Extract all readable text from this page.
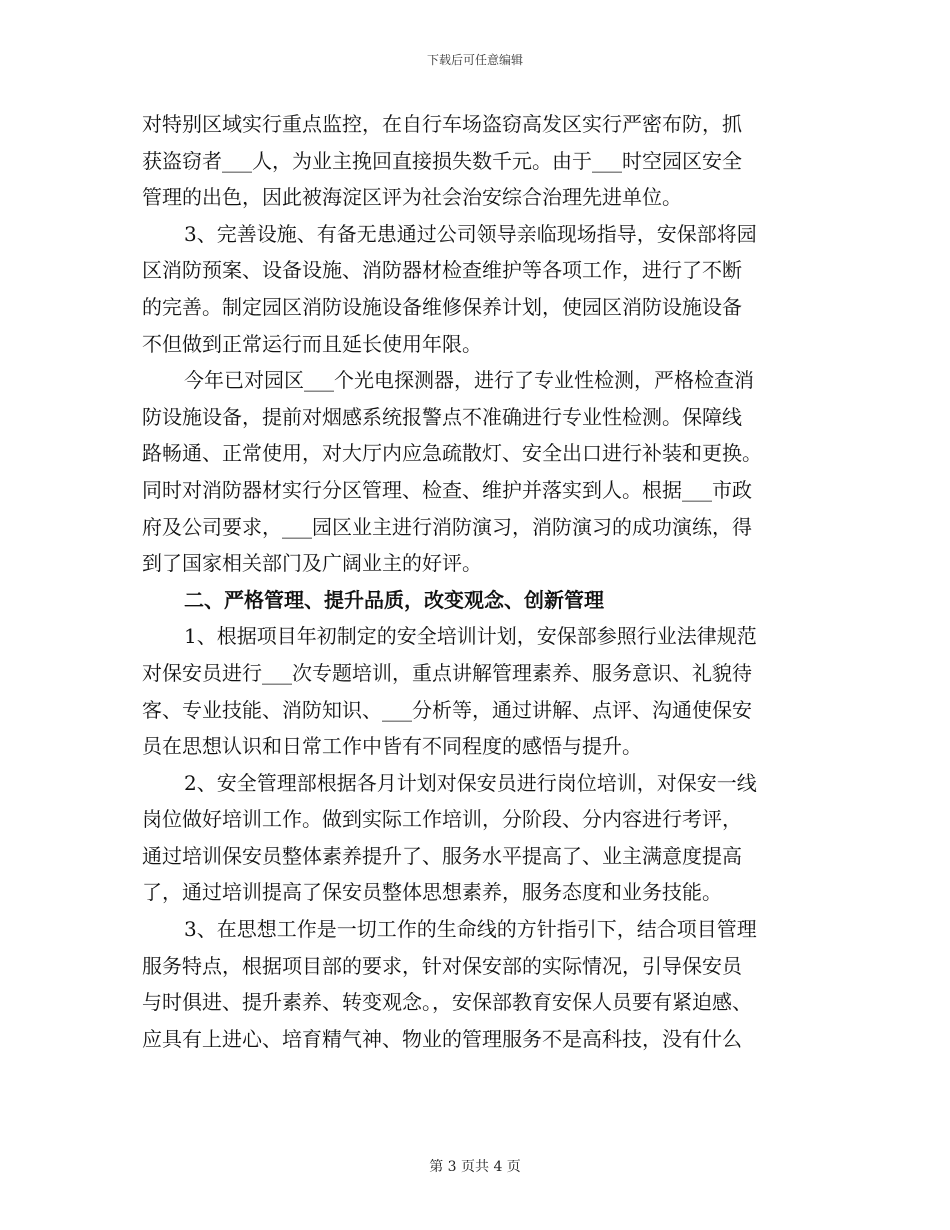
下载后可任意编辑
对特别区域实行重点监控，在自行车场盗窃高发区实行严密布防，抓
获盗窃者___人，为业主挽回直接损失数千元。由于___时空园区安全
管理的出色，因此被海淀区评为社会治安综合治理先进单位。
3、完善设施、有备无患通过公司领导亲临现场指导，安保部将园
区消防预案、设备设施、消防器材检查维护等各项工作，进行了不断
的完善。制定园区消防设施设备维修保养计划，使园区消防设施设备
不但做到正常运行而且延长使用年限。
今年已对园区___个光电探测器，进行了专业性检测，严格检查消
防设施设备，提前对烟感系统报警点不准确进行专业性检测。保障线
路畅通、正常使用，对大厅内应急疏散灯、安全出口进行补装和更换。
同时对消防器材实行分区管理、检查、维护并落实到人。根据___市政
府及公司要求，___园区业主进行消防演习，消防演习的成功演练，得
到了国家相关部门及广阔业主的好评。
二、严格管理、提升品质，改变观念、创新管理
1、根据项目年初制定的安全培训计划，安保部参照行业法律规范
对保安员进行___次专题培训，重点讲解管理素养、服务意识、礼貌待
客、专业技能、消防知识、___分析等，通过讲解、点评、沟通使保安
员在思想认识和日常工作中皆有不同程度的感悟与提升。
2、安全管理部根据各月计划对保安员进行岗位培训，对保安一线
岗位做好培训工作。做到实际工作培训，分阶段、分内容进行考评，
通过培训保安员整体素养提升了、服务水平提高了、业主满意度提高
了，通过培训提高了保安员整体思想素养，服务态度和业务技能。
3、在思想工作是一切工作的生命线的方针指引下，结合项目管理
服务特点，根据项目部的要求，针对保安部的实际情况，引导保安员
与时俱进、提升素养、转变观念。，安保部教育安保人员要有紧迫感、
应具有上进心、培育精气神、物业的管理服务不是高科技，没有什么
第 3 页共 4 页
